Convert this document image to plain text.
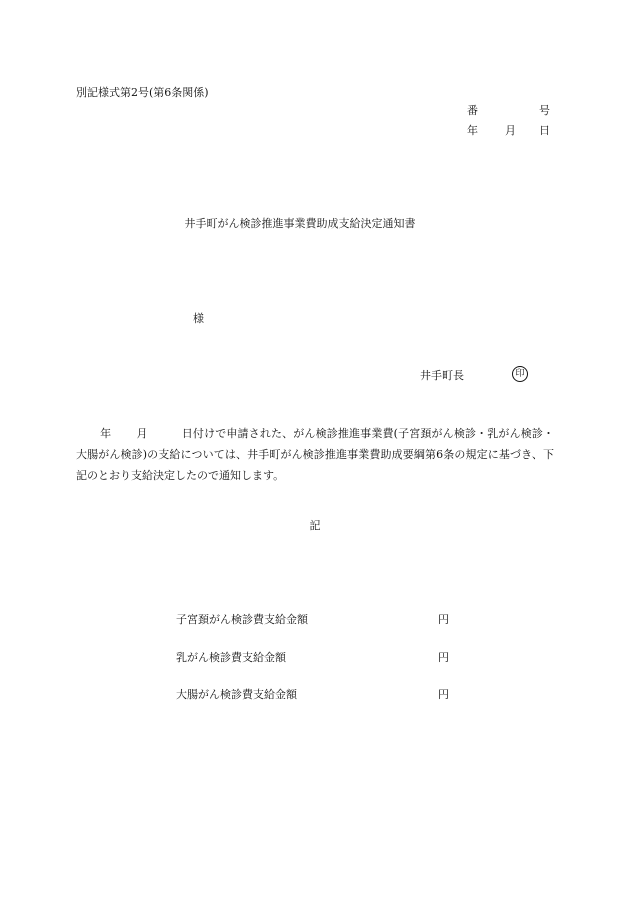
別記様式第2号(第6条関係)
番	号
年 月 日
井手町がん検診推進事業費助成支給決定通知書
様
井手町長	印
年 月	日付けで申請された、がん検診推進事業費(子宮頚がん検診・乳がん検診・大腸がん検診)の支給については、井手町がん検診推進事業費助成要綱第6条の規定に基づき、下記のとおり支給決定したので通知します。
記
子宮頚がん検診費支給金額	円
乳がん検診費支給金額	円
大腸がん検診費支給金額	円
